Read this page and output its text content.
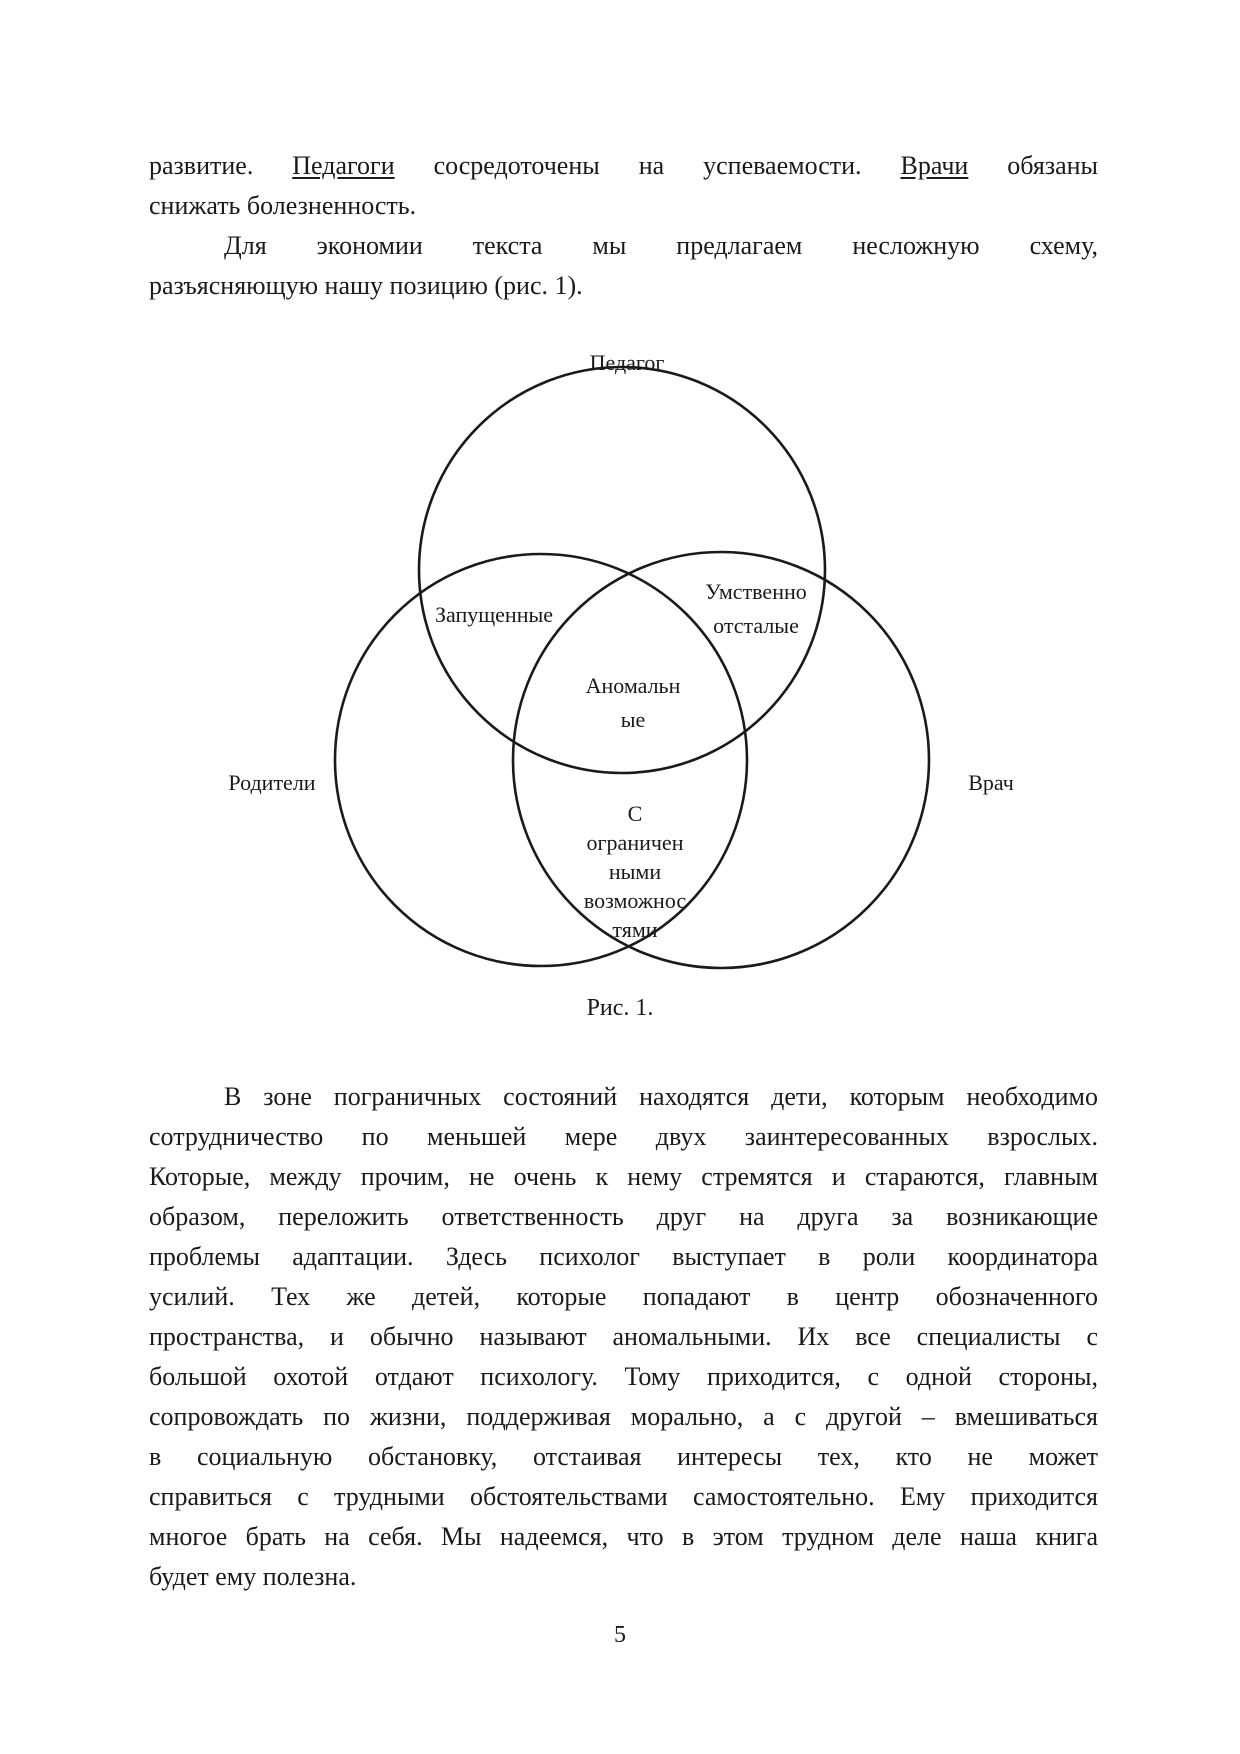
развитие. Педагоги сосредоточены на успеваемости. Врачи обязаны
снижать болезненность.
Для экономии текста мы предлагаем несложную схему,
разъясняющую нашу позицию (рис. 1).
Педагог
Родители	Врач
Запущенные
Умственно
отсталые
Аномальн
ые
С
ограничен
ными
возможнос
тями
Рис. 1.
В зоне пограничных состояний находятся дети, которым необходимо
сотрудничество по меньшей мере двух заинтересованных взрослых.
Которые, между прочим, не очень к нему стремятся и стараются, главным
образом, переложить ответственность друг на друга за возникающие
проблемы адаптации. Здесь психолог выступает в роли координатора
усилий. Тех же детей, которые попадают в центр обозначенного
пространства, и обычно называют аномальными. Их все специалисты с
большой охотой отдают психологу. Тому приходится, с одной стороны,
сопровождать по жизни, поддерживая морально, а с другой – вмешиваться
в социальную обстановку, отстаивая интересы тех, кто не может
справиться с трудными обстоятельствами самостоятельно. Ему приходится
многое брать на себя. Мы надеемся, что в этом трудном деле наша книга
будет ему полезна.
5
